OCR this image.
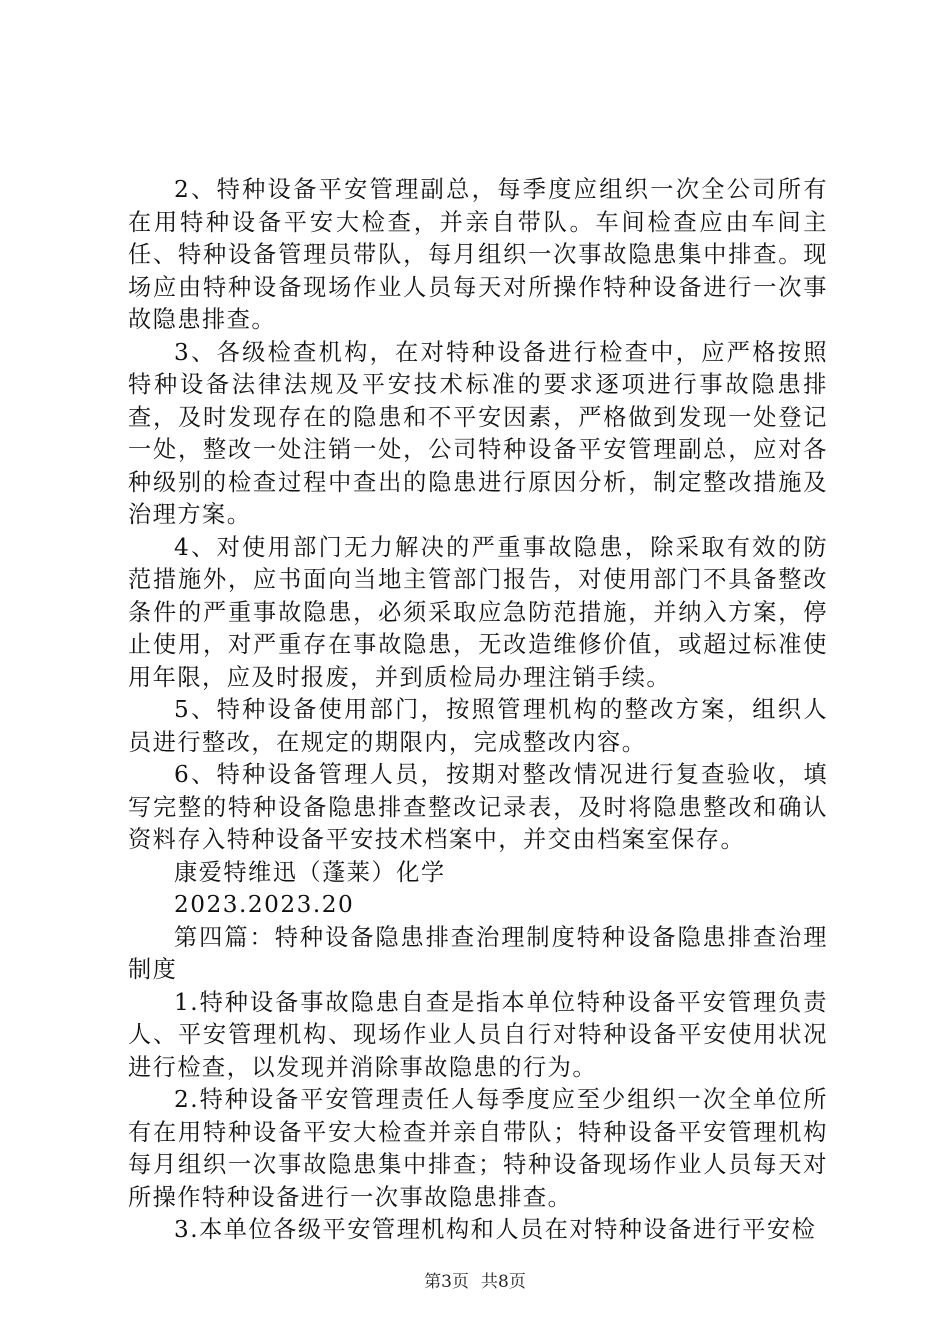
2、特种设备平安管理副总，每季度应组织一次全公司所有在用特种设备平安大检查，并亲自带队。车间检查应由车间主任、特种设备管理员带队，每月组织一次事故隐患集中排查。现场应由特种设备现场作业人员每天对所操作特种设备进行一次事故隐患排查。

3、各级检查机构，在对特种设备进行检查中，应严格按照特种设备法律法规及平安技术标准的要求逐项进行事故隐患排查，及时发现存在的隐患和不平安因素，严格做到发现一处登记一处，整改一处注销一处，公司特种设备平安管理副总，应对各种级别的检查过程中查出的隐患进行原因分析，制定整改措施及治理方案。

4、对使用部门无力解决的严重事故隐患，除采取有效的防范措施外，应书面向当地主管部门报告，对使用部门不具备整改条件的严重事故隐患，必须采取应急防范措施，并纳入方案，停止使用，对严重存在事故隐患，无改造维修价值，或超过标准使用年限，应及时报废，并到质检局办理注销手续。

5、特种设备使用部门，按照管理机构的整改方案，组织人员进行整改，在规定的期限内，完成整改内容。

6、特种设备管理人员，按期对整改情况进行复查验收，填写完整的特种设备隐患排查整改记录表，及时将隐患整改和确认资料存入特种设备平安技术档案中，并交由档案室保存。

康爱特维迅（蓬莱）化学

2023.2023.20

第四篇：特种设备隐患排查治理制度特种设备隐患排查治理制度

1.特种设备事故隐患自查是指本单位特种设备平安管理负责人、平安管理机构、现场作业人员自行对特种设备平安使用状况进行检查，以发现并消除事故隐患的行为。

2.特种设备平安管理责任人每季度应至少组织一次全单位所有在用特种设备平安大检查并亲自带队；特种设备平安管理机构每月组织一次事故隐患集中排查；特种设备现场作业人员每天对所操作特种设备进行一次事故隐患排查。

3.本单位各级平安管理机构和人员在对特种设备进行平安检

第3页 共8页
